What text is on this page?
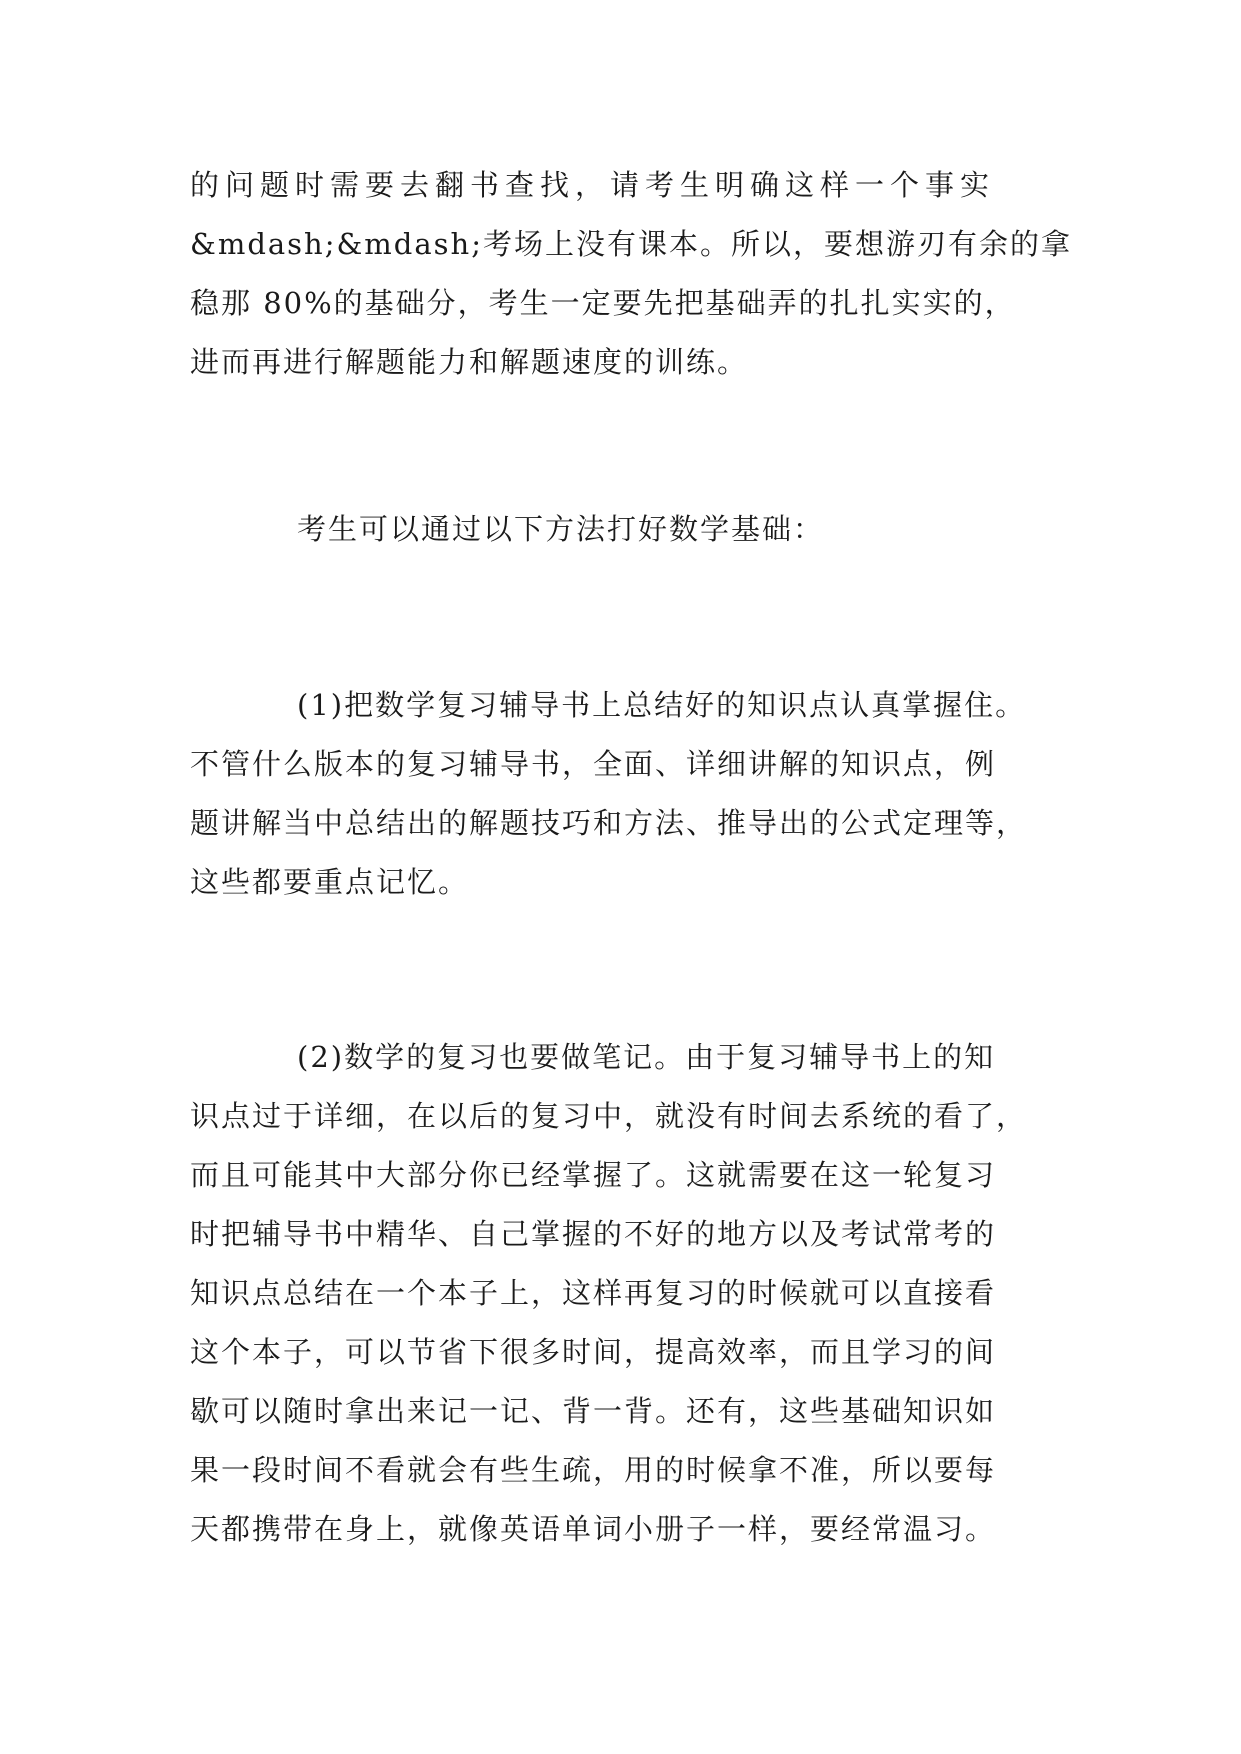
的问题时需要去翻书查找，请考生明确这样一个事实
&mdash;&mdash;考场上没有课本。所以，要想游刃有余的拿
稳那 80%的基础分，考生一定要先把基础弄的扎扎实实的，
进而再进行解题能力和解题速度的训练。
考生可以通过以下方法打好数学基础：
(1)把数学复习辅导书上总结好的知识点认真掌握住。
不管什么版本的复习辅导书，全面、详细讲解的知识点，例
题讲解当中总结出的解题技巧和方法、推导出的公式定理等，
这些都要重点记忆。
(2)数学的复习也要做笔记。由于复习辅导书上的知
识点过于详细，在以后的复习中，就没有时间去系统的看了，
而且可能其中大部分你已经掌握了。这就需要在这一轮复习
时把辅导书中精华、自己掌握的不好的地方以及考试常考的
知识点总结在一个本子上，这样再复习的时候就可以直接看
这个本子，可以节省下很多时间，提高效率，而且学习的间
歇可以随时拿出来记一记、背一背。还有，这些基础知识如
果一段时间不看就会有些生疏，用的时候拿不准，所以要每
天都携带在身上，就像英语单词小册子一样，要经常温习。
